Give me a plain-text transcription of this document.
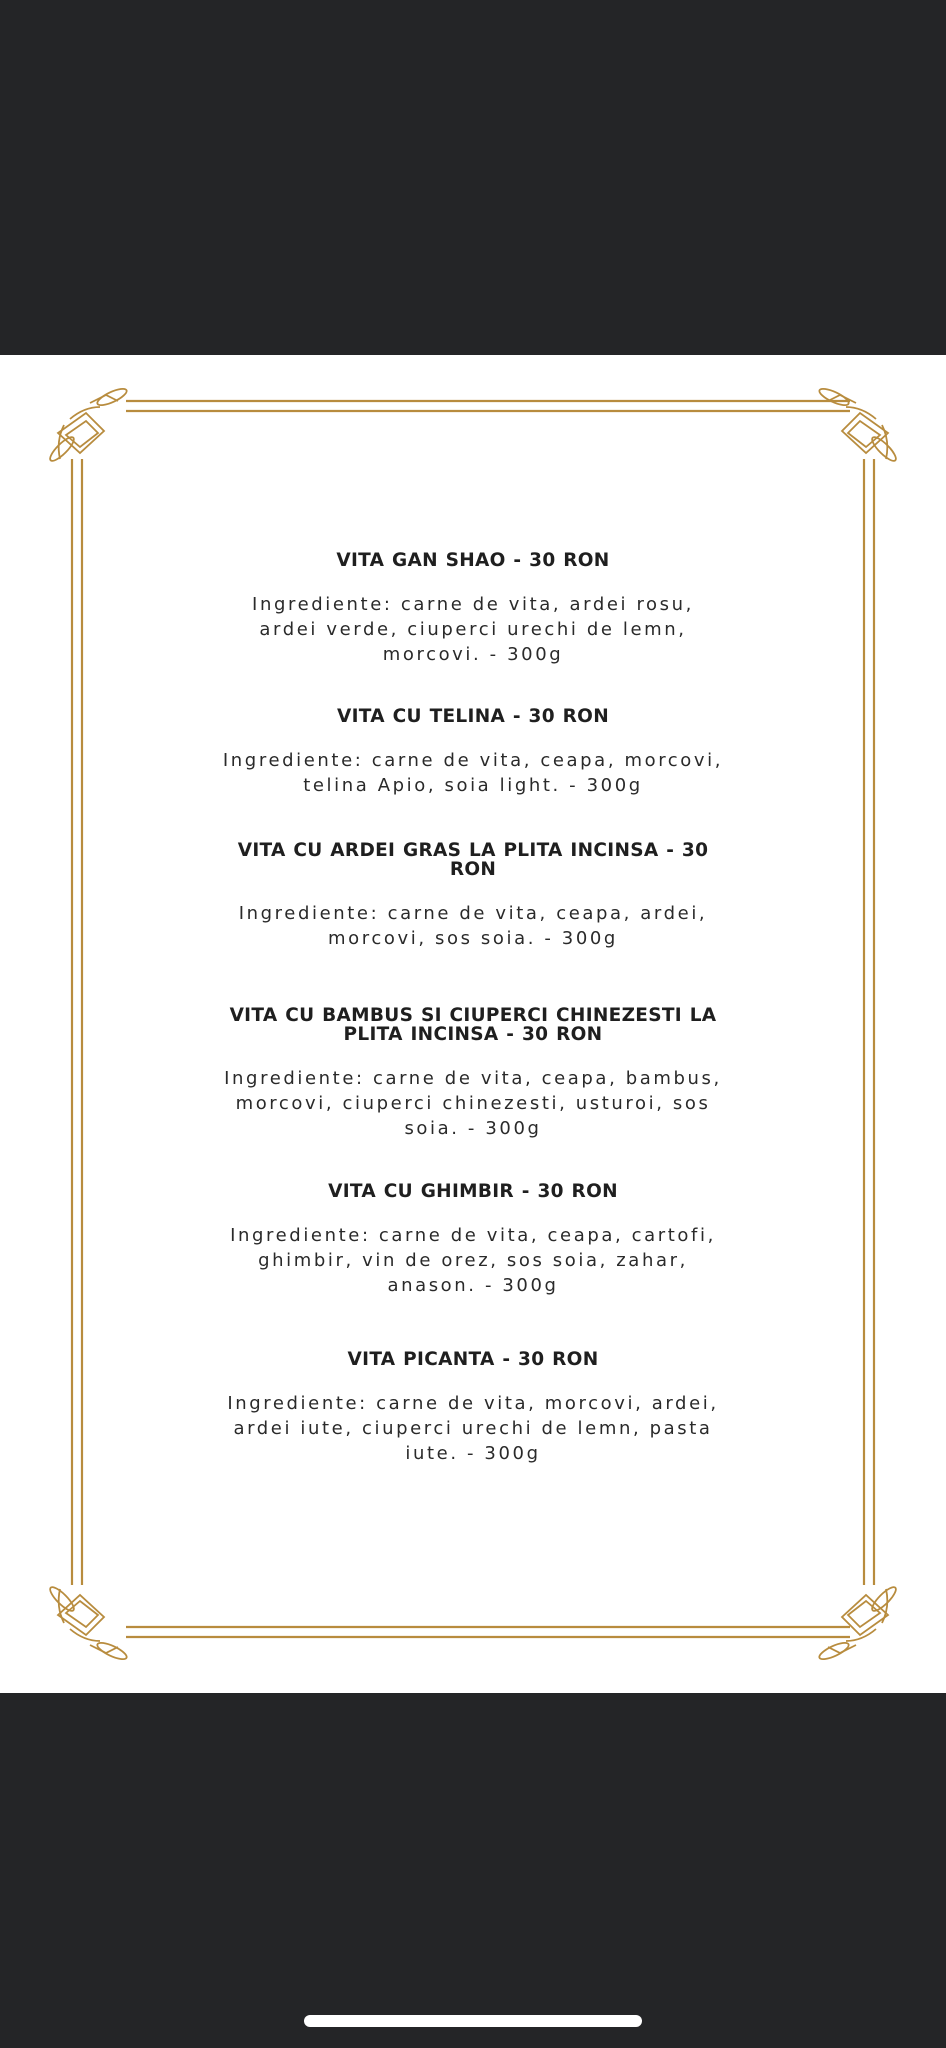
VITA GAN SHAO - 30 RON

Ingrediente: carne de vita, ardei rosu, ardei verde, ciuperci urechi de lemn, morcovi. - 300g

VITA CU TELINA - 30 RON

Ingrediente: carne de vita, ceapa, morcovi, telina Apio, soia light. - 300g

VITA CU ARDEI GRAS LA PLITA INCINSA - 30 RON

Ingrediente: carne de vita, ceapa, ardei, morcovi, sos soia. - 300g

VITA CU BAMBUS SI CIUPERCI CHINEZESTI LA PLITA INCINSA - 30 RON

Ingrediente: carne de vita, ceapa, bambus, morcovi, ciuperci chinezesti, usturoi, sos soia. - 300g

VITA CU GHIMBIR - 30 RON

Ingrediente: carne de vita, ceapa, cartofi, ghimbir, vin de orez, sos soia, zahar, anason. - 300g

VITA PICANTA - 30 RON

Ingrediente: carne de vita, morcovi, ardei, ardei iute, ciuperci urechi de lemn, pasta iute. - 300g
